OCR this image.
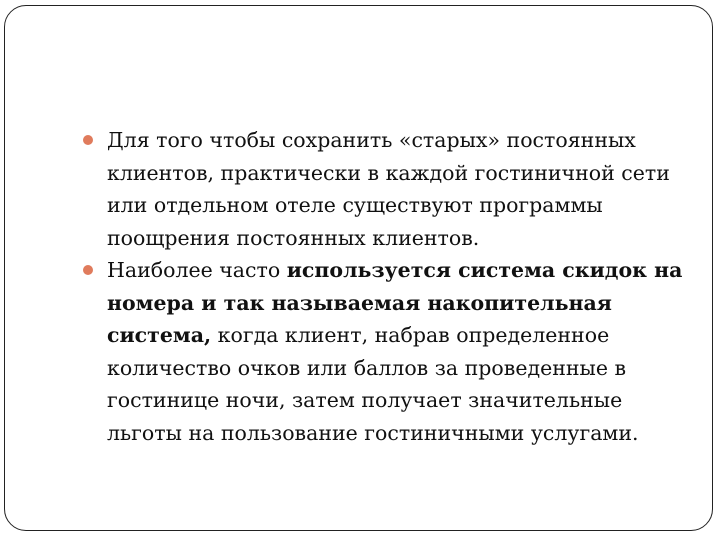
Для того чтобы сохранить «старых» постоянных клиентов, практически в каждой гостиничной сети или отдельном отеле существуют программы поощрения постоянных клиентов.

Наиболее часто используется система скидок на номера и так называемая накопительная система, когда клиент, набрав определенное количество очков или баллов за проведенные в гостинице ночи, затем получает значительные льготы на пользование гостиничными услугами.
